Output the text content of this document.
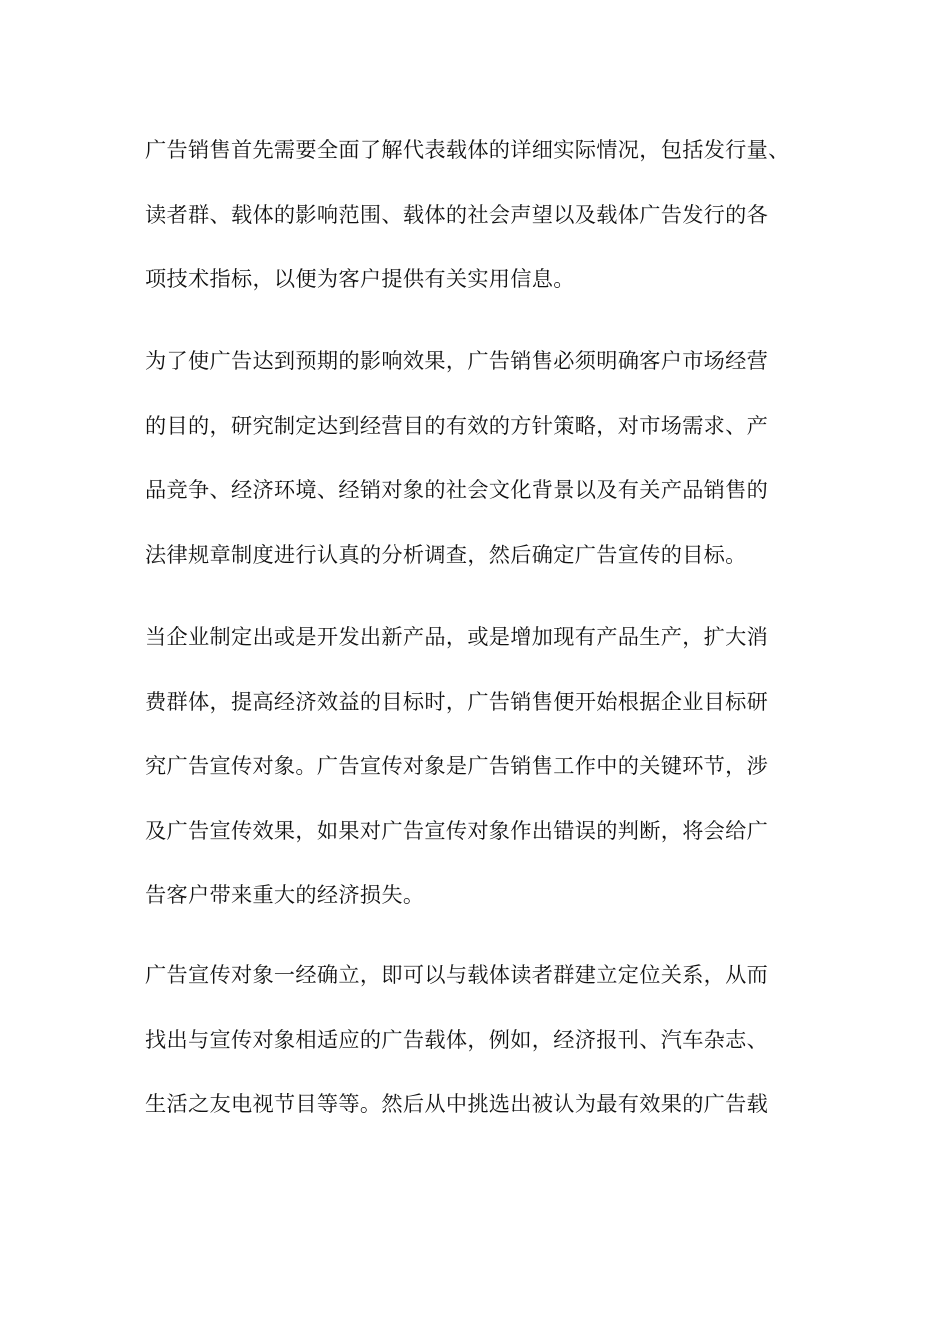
广告销售首先需要全面了解代表载体的详细实际情况，包括发行量、
读者群、载体的影响范围、载体的社会声望以及载体广告发行的各
项技术指标，以便为客户提供有关实用信息。
为了使广告达到预期的影响效果，广告销售必须明确客户市场经营
的目的，研究制定达到经营目的有效的方针策略，对市场需求、产
品竞争、经济环境、经销对象的社会文化背景以及有关产品销售的
法律规章制度进行认真的分析调查，然后确定广告宣传的目标。
当企业制定出或是开发出新产品，或是增加现有产品生产，扩大消
费群体，提高经济效益的目标时，广告销售便开始根据企业目标研
究广告宣传对象。广告宣传对象是广告销售工作中的关键环节，涉
及广告宣传效果，如果对广告宣传对象作出错误的判断，将会给广
告客户带来重大的经济损失。
广告宣传对象一经确立，即可以与载体读者群建立定位关系，从而
找出与宣传对象相适应的广告载体，例如，经济报刊、汽车杂志、
生活之友电视节目等等。然后从中挑选出被认为最有效果的广告载
